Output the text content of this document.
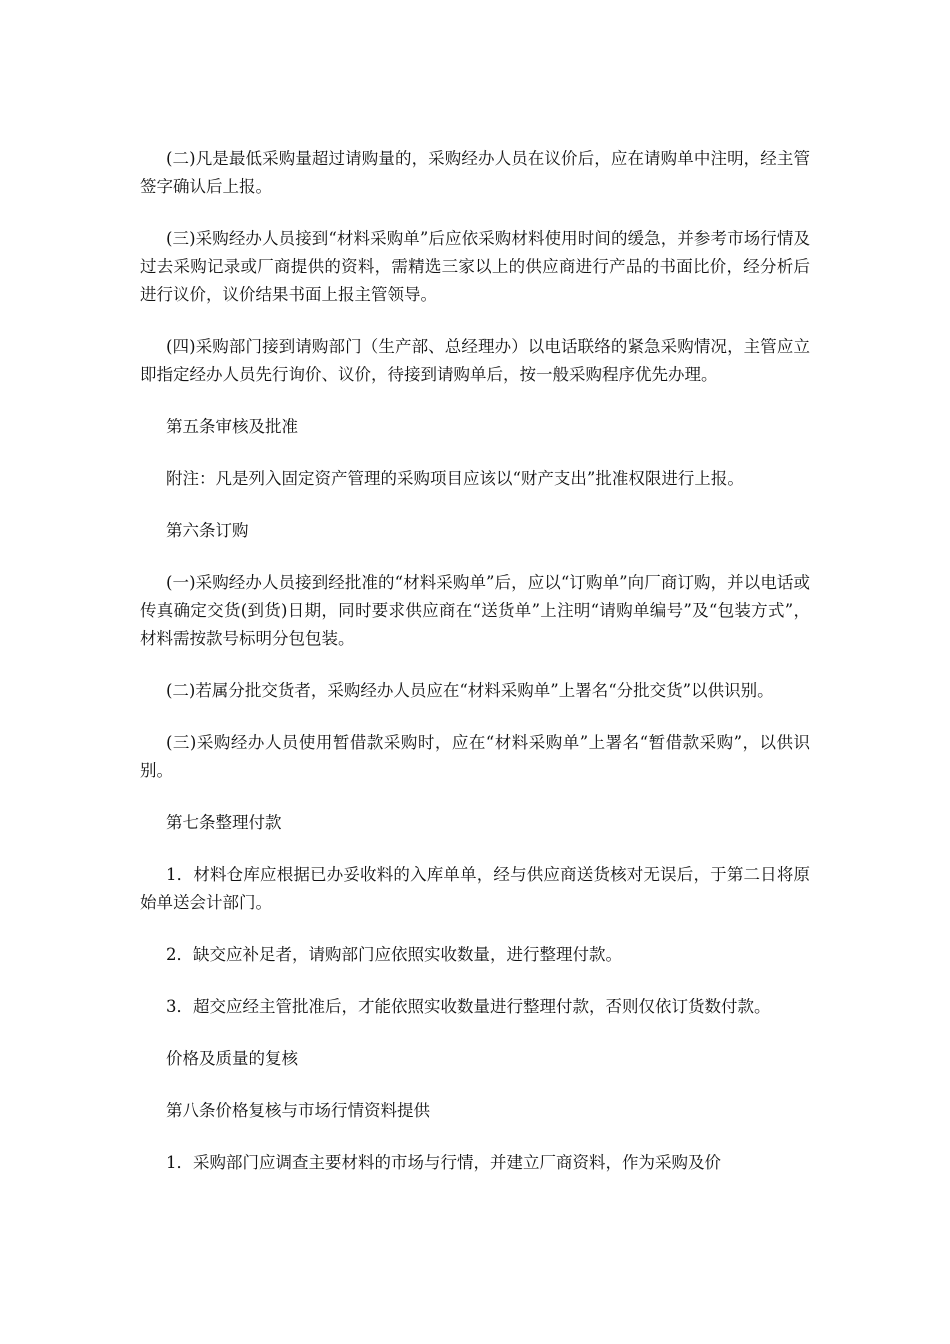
(二)凡是最低采购量超过请购量的，采购经办人员在议价后，应在请购单中注明，经主管签字确认后上报。

(三)采购经办人员接到“材料采购单”后应依采购材料使用时间的缓急，并参考市场行情及过去采购记录或厂商提供的资料，需精选三家以上的供应商进行产品的书面比价，经分析后进行议价，议价结果书面上报主管领导。

(四)采购部门接到请购部门（生产部、总经理办）以电话联络的紧急采购情况，主管应立即指定经办人员先行询价、议价，待接到请购单后，按一般采购程序优先办理。

第五条审核及批准

附注：凡是列入固定资产管理的采购项目应该以“财产支出”批准权限进行上报。

第六条订购

(一)采购经办人员接到经批准的“材料采购单”后，应以“订购单”向厂商订购，并以电话或传真确定交货(到货)日期，同时要求供应商在“送货单”上注明“请购单编号”及“包装方式”，材料需按款号标明分包包装。

(二)若属分批交货者，采购经办人员应在“材料采购单”上署名“分批交货”以供识别。

(三)采购经办人员使用暂借款采购时，应在“材料采购单”上署名“暂借款采购”，以供识别。

第七条整理付款

1．材料仓库应根据已办妥收料的入库单单，经与供应商送货核对无误后，于第二日将原始单送会计部门。

2．缺交应补足者，请购部门应依照实收数量，进行整理付款。

3．超交应经主管批准后，才能依照实收数量进行整理付款，否则仅依订货数付款。

价格及质量的复核

第八条价格复核与市场行情资料提供

1．采购部门应调查主要材料的市场与行情，并建立厂商资料，作为采购及价
